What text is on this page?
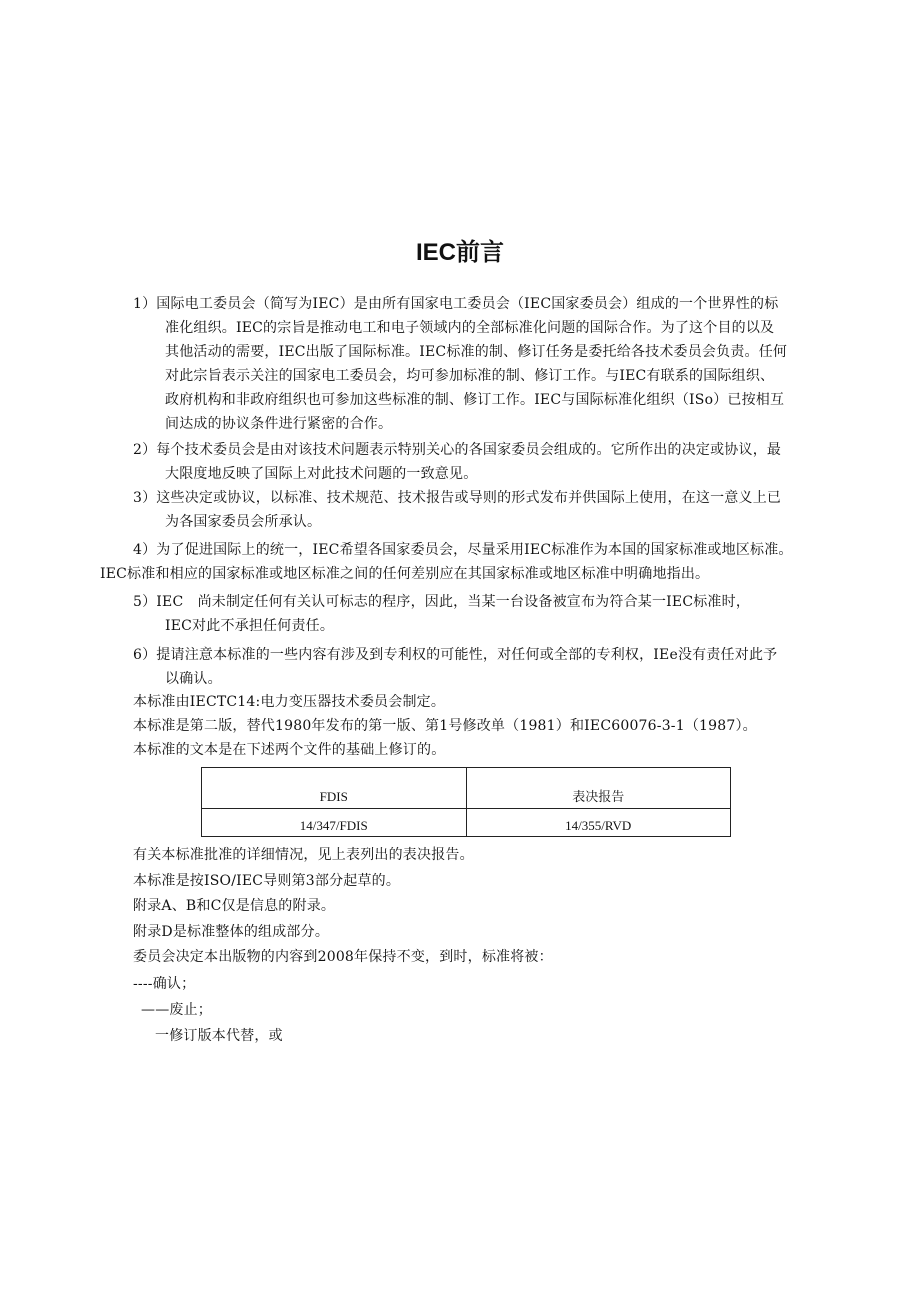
IEC前言
1）国际电工委员会（简写为IEC）是由所有国家电工委员会（IEC国家委员会）组成的一个世界性的标
准化组织。IEC的宗旨是推动电工和电子领域内的全部标准化问题的国际合作。为了这个目的以及
其他活动的需要，IEC出版了国际标准。IEC标准的制、修订任务是委托给各技术委员会负责。任何
对此宗旨表示关注的国家电工委员会，均可参加标准的制、修订工作。与IEC有联系的国际组织、
政府机构和非政府组织也可参加这些标准的制、修订工作。IEC与国际标准化组织（ISo）已按相互
间达成的协议条件进行紧密的合作。
2）每个技术委员会是由对该技术问题表示特别关心的各国家委员会组成的。它所作出的决定或协议，最
大限度地反映了国际上对此技术问题的一致意见。
3）这些决定或协议，以标准、技术规范、技术报告或导则的形式发布并供国际上使用，在这一意义上已
为各国家委员会所承认。
4）为了促进国际上的统一，IEC希望各国家委员会，尽量采用IEC标准作为本国的国家标准或地区标准。
IEC标准和相应的国家标准或地区标准之间的任何差别应在其国家标准或地区标准中明确地指出。
5）IEC　尚未制定任何有关认可标志的程序，因此，当某一台设备被宣布为符合某一IEC标准时，
IEC对此不承担任何责任。
6）提请注意本标准的一些内容有涉及到专利权的可能性，对任何或全部的专利权，IEe没有责任对此予
以确认。
本标准由IECTC14:电力变压器技术委员会制定。
本标准是第二版，替代1980年发布的第一版、第1号修改单（1981）和IEC60076-3-1（1987）。
本标准的文本是在下述两个文件的基础上修订的。
FDIS	表决报告
14/347/FDIS	14/355/RVD
有关本标准批准的详细情况，见上表列出的表决报告。
本标准是按ISO/IEC导则第3部分起草的。
附录A、B和C仅是信息的附录。
附录D是标准整体的组成部分。
委员会决定本出版物的内容到2008年保持不变，到时，标准将被：
----确认；
——废止；
一修订版本代替，或
